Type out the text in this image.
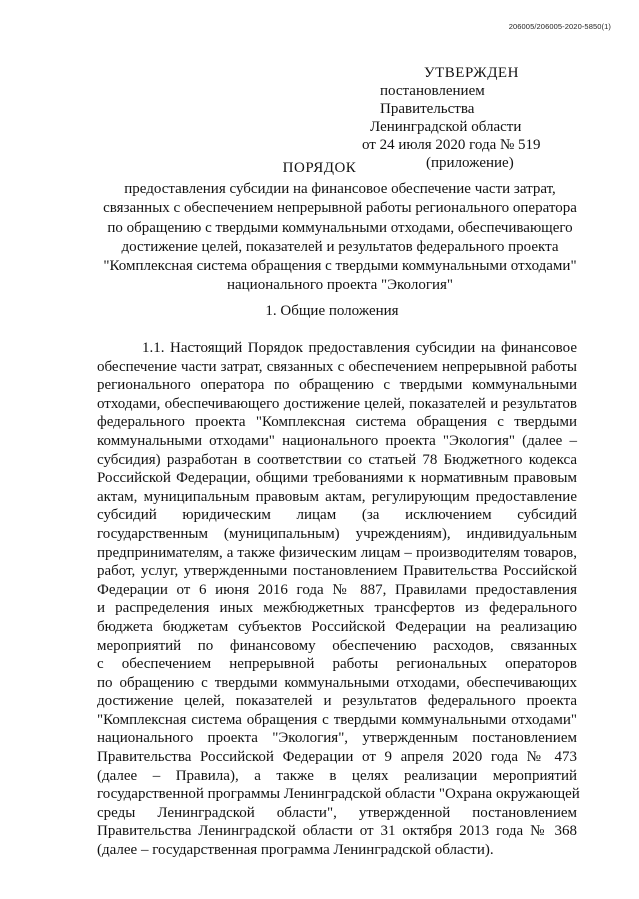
206005/206005-2020-5850(1)
УТВЕРЖДЕН
постановлением Правительства
Ленинградской области
от 24 июля 2020 года № 519
(приложение)
ПОРЯДОК
предоставления субсидии на финансовое обеспечение части затрат,
связанных с обеспечением непрерывной работы регионального оператора
по обращению с твердыми коммунальными отходами, обеспечивающего
достижение целей, показателей и результатов федерального проекта
"Комплексная система обращения с твердыми коммунальными отходами"
национального проекта "Экология"
1. Общие положения
1.1. Настоящий Порядок предоставления субсидии на финансовое
обеспечение части затрат, связанных с обеспечением непрерывной работы
регионального оператора по обращению с твердыми коммунальными
отходами, обеспечивающего достижение целей, показателей и результатов
федерального проекта "Комплексная система обращения с твердыми
коммунальными отходами" национального проекта "Экология" (далее –
субсидия) разработан в соответствии со статьей 78 Бюджетного кодекса
Российской Федерации, общими требованиями к нормативным правовым
актам, муниципальным правовым актам, регулирующим предоставление
субсидий юридическим лицам (за исключением субсидий
государственным (муниципальным) учреждениям), индивидуальным
предпринимателям, а также физическим лицам – производителям товаров,
работ, услуг, утвержденными постановлением Правительства Российской
Федерации от 6 июня 2016 года № 887, Правилами предоставления
и распределения иных межбюджетных трансфертов из федерального
бюджета бюджетам субъектов Российской Федерации на реализацию
мероприятий по финансовому обеспечению расходов, связанных
с обеспечением непрерывной работы региональных операторов
по обращению с твердыми коммунальными отходами, обеспечивающих
достижение целей, показателей и результатов федерального проекта
"Комплексная система обращения с твердыми коммунальными отходами"
национального проекта "Экология", утвержденным постановлением
Правительства Российской Федерации от 9 апреля 2020 года № 473
(далее – Правила), а также в целях реализации мероприятий
государственной программы Ленинградской области "Охрана окружающей
среды Ленинградской области", утвержденной постановлением
Правительства Ленинградской области от 31 октября 2013 года № 368
(далее – государственная программа Ленинградской области).
